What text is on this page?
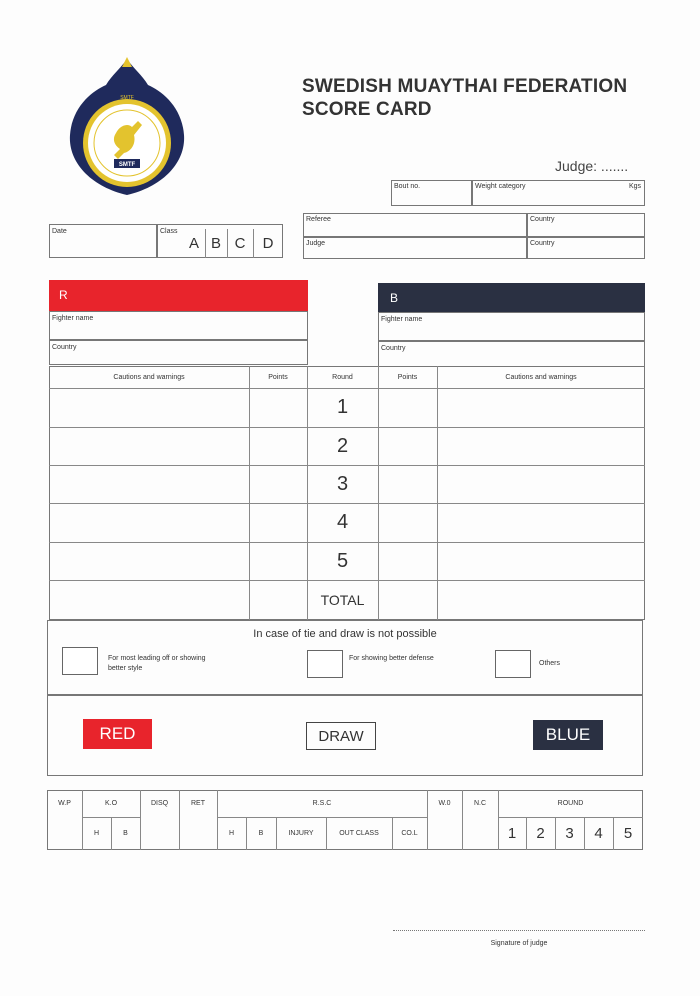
SMTF
SMTF
SWEDISH MUAYTHAI FEDERATION
SCORE CARD
Judge: .......
Bout no.	Weight category	Kgs
Date	Class
A B C	D
Referee	Country
Judge	Country
R
Fighter name
Country
B
Fighter name
Country
Cautions and warnings	Points	Round	Points	Cautions and warnings
1
2
3
4
5
TOTAL
In case of tie and draw is not possible
For most leading off or showing better style
For showing better defense
Others
RED	DRAW	BLUE
W.P	K.O	DISQ	RET	R.S.C	W.0	N.C	ROUND
H	B	H	B	INJURY	OUT CLASS	CO.L	1	2	3	4	5
Signature of judge
